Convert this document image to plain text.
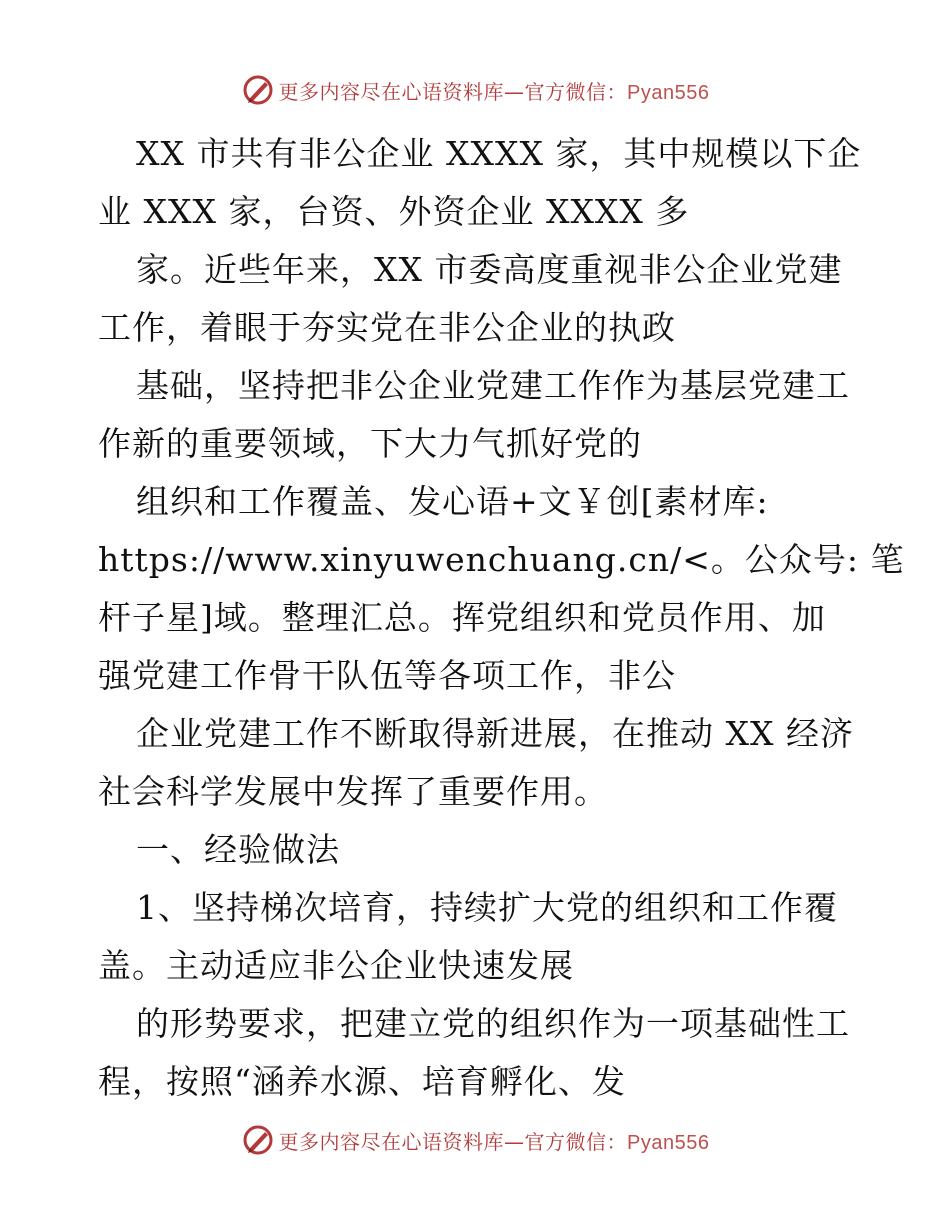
更多内容尽在心语资料库—官方微信：Pyan556
XX 市共有非公企业 XXXX 家，其中规模以下企
业 XXX 家，台资、外资企业 XXXX 多
家。近些年来，XX 市委高度重视非公企业党建
工作，着眼于夯实党在非公企业的执政
基础，坚持把非公企业党建工作作为基层党建工
作新的重要领域，下大力气抓好党的
组织和工作覆盖、发心语+文￥创[素材库:
https://www.xinyuwenchuang.cn/<。公众号: 笔
杆子星]域。整理汇总。挥党组织和党员作用、加
强党建工作骨干队伍等各项工作，非公
企业党建工作不断取得新进展，在推动 XX 经济
社会科学发展中发挥了重要作用。
一、经验做法
1、坚持梯次培育，持续扩大党的组织和工作覆
盖。主动适应非公企业快速发展
的形势要求，把建立党的组织作为一项基础性工
程，按照“涵养水源、培育孵化、发
更多内容尽在心语资料库—官方微信：Pyan556
